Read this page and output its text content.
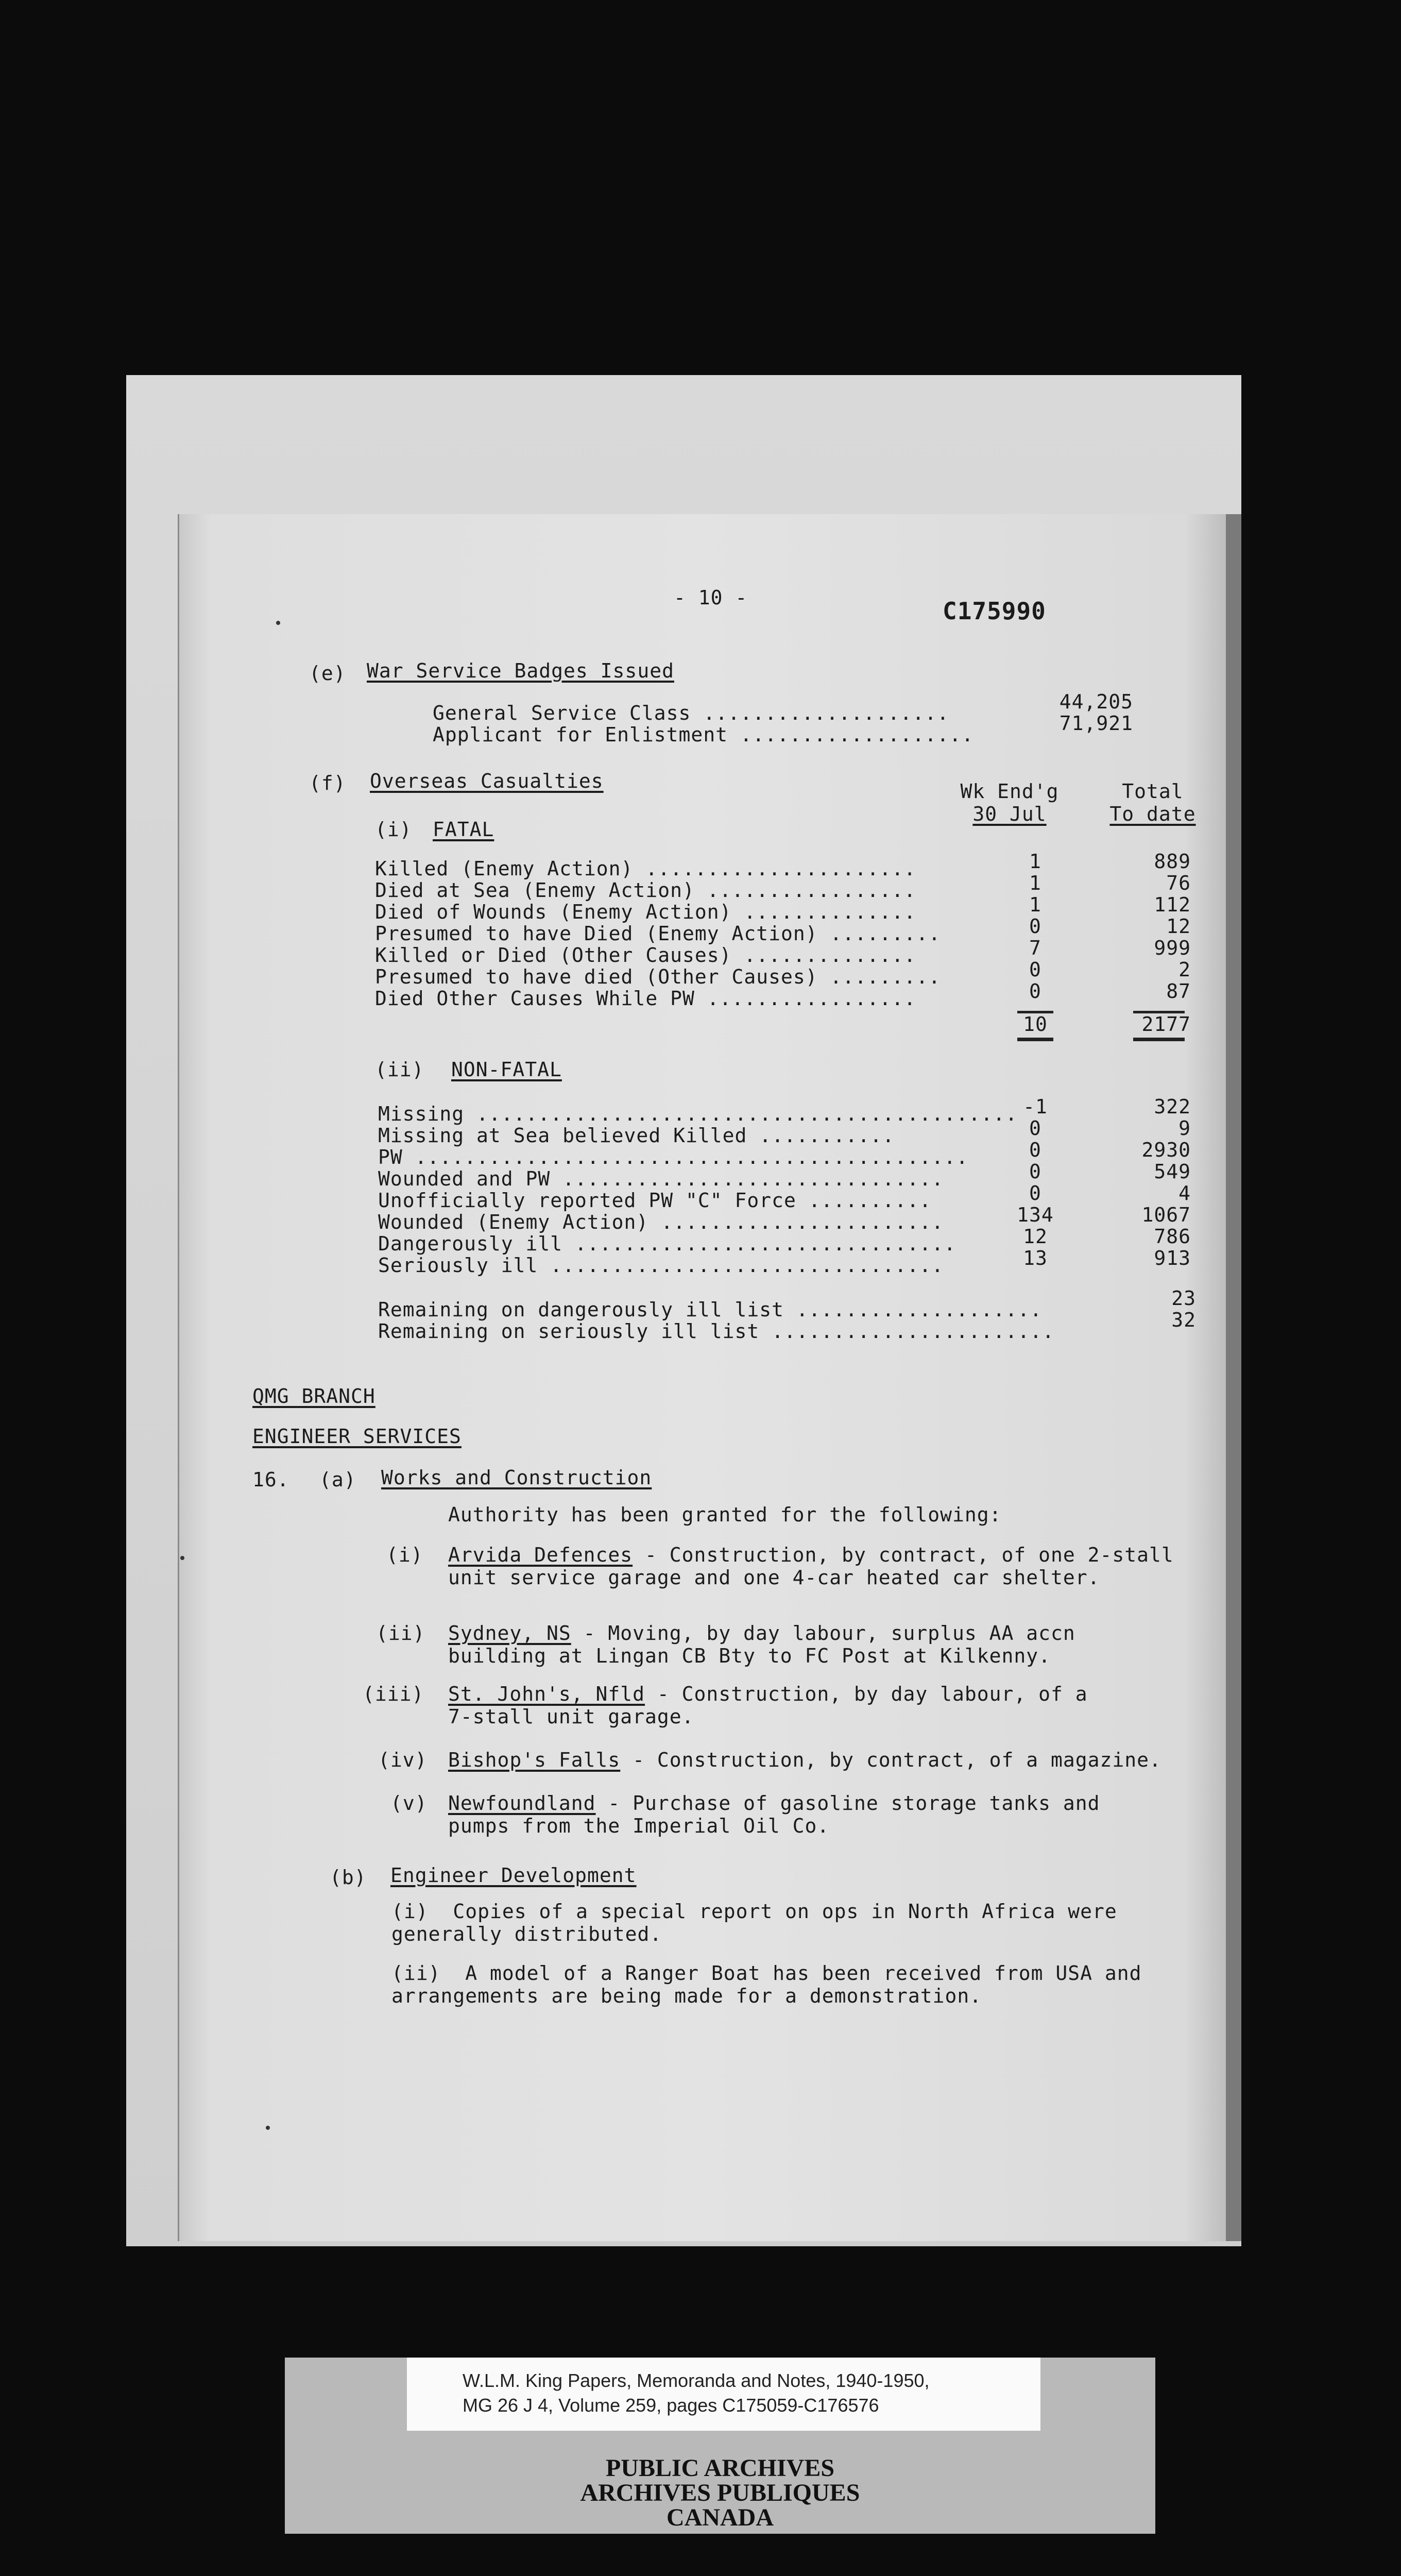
- 10 -	C175990
(e) War Service Badges Issued
General Service Class ....................	44,205
Applicant for Enlistment ...................	71,921
(f) Overseas Casualties	Wk End'g
30 Jul
Total
To date
(i) FATAL
Killed (Enemy Action) ......................	1	889
Died at Sea (Enemy Action) .................	1	76
Died of Wounds (Enemy Action) ..............	1	112
Presumed to have Died (Enemy Action) .........	0	12
Killed or Died (Other Causes) ..............	7	999
Presumed to have died (Other Causes) .........	0	2
Died Other Causes While PW .................	0	87
10	2177
(ii) NON-FATAL
Missing ............................................ -1	322
Missing at Sea believed Killed ...........	0	9
PW .............................................	0	2930
Wounded and PW ...............................	0	549
Unofficially reported PW "C" Force ..........	0	4
Wounded (Enemy Action) .......................	134	1067
Dangerously ill ...............................	12	786
Seriously ill ................................	13	913
Remaining on dangerously ill list ....................	23
Remaining on seriously ill list .......................	32
QMG BRANCH
ENGINEER SERVICES
16. (a) Works and Construction
Authority has been granted for the following:
(i) Arvida Defences - Construction, by contract, of one 2-stall
unit service garage and one 4-car heated car shelter.
(ii) Sydney, NS - Moving, by day labour, surplus AA accn
building at Lingan CB Bty to FC Post at Kilkenny.
(iii) St. John's, Nfld - Construction, by day labour, of a
7-stall unit garage.
(iv) Bishop's Falls - Construction, by contract, of a magazine.
(v) Newfoundland - Purchase of gasoline storage tanks and
pumps from the Imperial Oil Co.
(b) Engineer Development
(i)  Copies of a special report on ops in North Africa were
generally distributed.
(ii)  A model of a Ranger Boat has been received from USA and
arrangements are being made for a demonstration.
W.L.M. King Papers, Memoranda and Notes, 1940-1950,
MG 26 J 4, Volume 259, pages C175059-C176576
PUBLIC ARCHIVES
ARCHIVES PUBLIQUES
CANADA
